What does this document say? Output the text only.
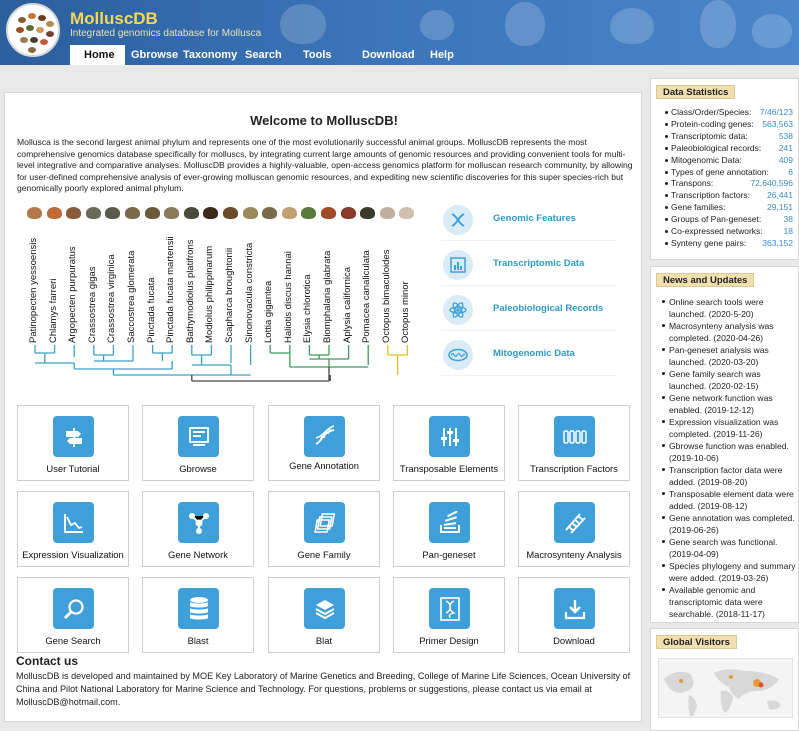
MolluscDB
Integrated genomics database for Mollusca
Home	Gbrowse Taxonomy Search	Tools	Download	Help
Welcome to MolluscDB!

Mollusca is the second largest animal phylum and represents one of the most evolutionarily successful animal groups. MolluscDB represents the most comprehensive genomics database specifically for molluscs, by integrating current large amounts of genomic resources and providing convenient tools for multi-level integrative and comparative analyses. MolluscDB provides a highly-valuable, open-access genomics platform for molluscan research community, by allowing for user-defined comprehensive analysis of ever-growing molluscan genomic resources, and expediting new scientific discoveries for this super species-rich but genomically poorly explored animal phylum.

Patinopecten yessoensis Chlamys farreri Argopecten purpuratus Crassostrea gigas Crassostrea virginica Saccostrea glomerata Pinctada fucata Pinctada fucata martensii Bathymodiolus platifrons Modiolus philippinarum Scapharca broughtonii Sinonovacula constricta Lottia gigantea Haliotis discus hannai Elysia chlorotica Biomphalaria glabrata Aplysia californica Pomacea canaliculata Octopus bimaculoides Octopus minor
Genomic Features
Transcriptomic Data
Paleobiological Records
Mitogenomic Data
User Tutorial	Gbrowse	Gene Annotation	Transposable Elements	Transcription Factors
Expression Visualization	Gene Network	Gene Family	Pan-geneset	Macrosynteny Analysis
Gene Search	Blast	Blat	Primer Design	Download
Contact us

MolluscDB is developed and maintained by MOE Key Laboratory of Marine Genetics and Breeding, College of Marine Life Sciences, Ocean University of China and Pilot National Laboratory for Marine Science and Technology. For questions, problems or suggestions, please contact us via email at MolluscDB@hotmail.com.

Data Statistics
Class/Order/Species: 7/46/123
Protein-coding genes: 563,563
Transcriptomic data:	538
Paleobiological records: 241
Mitogenomic Data:	409
Types of gene annotation: 6
Transpons:	72,640,596
Transcription factors: 26,441
Gene families:	29,151
Groups of Pan-geneset:	38
Co-expressed networks: 18
Synteny gene pairs: 363,152
News and Updates
Online search tools were launched. (2020-5-20)
Macrosynteny analysis was completed. (2020-04-26)
Pan-geneset analysis was launched. (2020-03-20)
Gene family search was launched. (2020-02-15)
Gene network function was enabled. (2019-12-12)
Expression visualization was completed. (2019-11-26)
Gbrowse function was enabled. (2019-10-06)
Transcription factor data were added. (2019-08-20)
Transposable element data were added. (2019-08-12)
Gene annotation was completed. (2019-06-26)
Gene search was functional. (2019-04-09)
Species phylogeny and summary were added. (2019-03-26)
Available genomic and transcriptomic data were searchable. (2018-11-17)
Global Visitors
